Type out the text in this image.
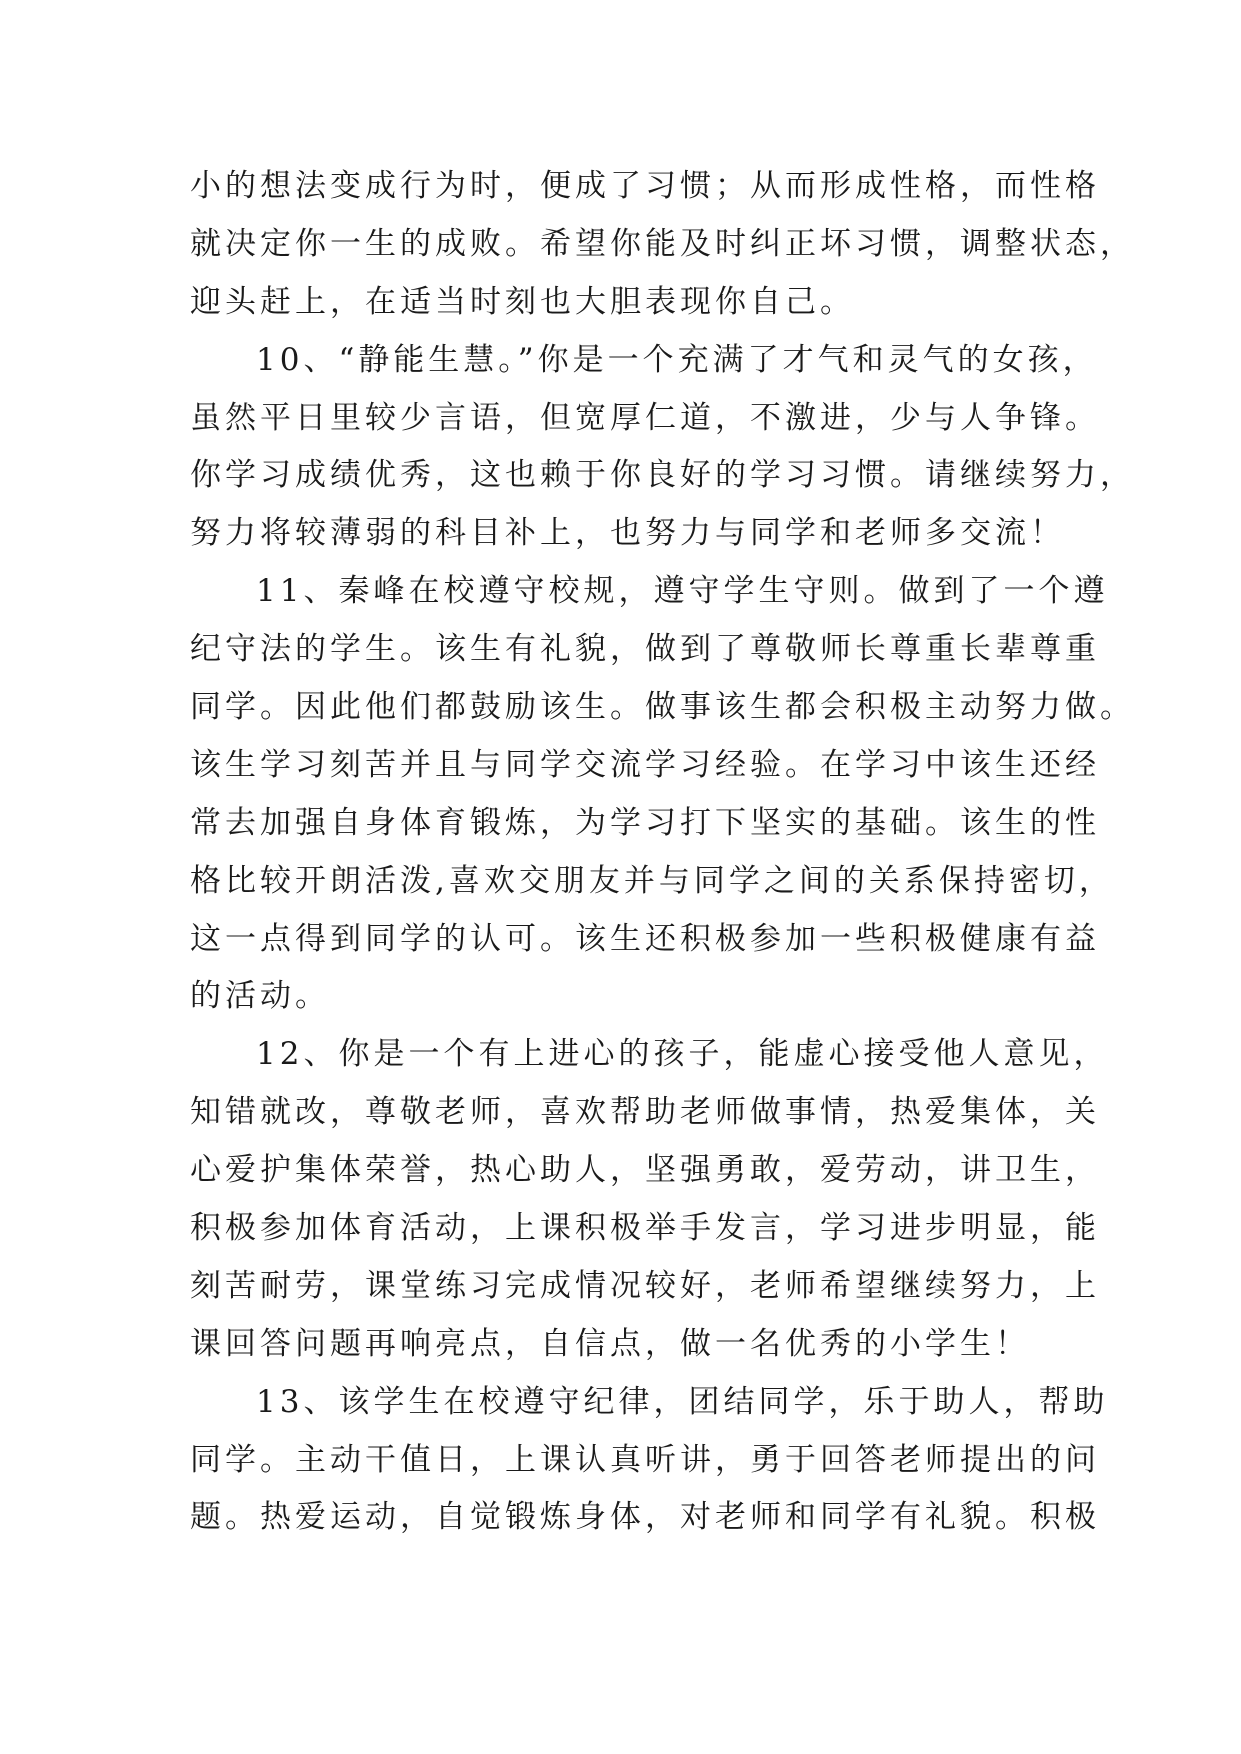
小的想法变成行为时，便成了习惯；从而形成性格，而性格
就决定你一生的成败。希望你能及时纠正坏习惯，调整状态，
迎头赶上，在适当时刻也大胆表现你自己。
10、“静能生慧。”你是一个充满了才气和灵气的女孩，
虽然平日里较少言语，但宽厚仁道，不激进，少与人争锋。
你学习成绩优秀，这也赖于你良好的学习习惯。请继续努力，
努力将较薄弱的科目补上，也努力与同学和老师多交流！
11、秦峰在校遵守校规，遵守学生守则。做到了一个遵
纪守法的学生。该生有礼貌，做到了尊敬师长尊重长辈尊重
同学。因此他们都鼓励该生。做事该生都会积极主动努力做。
该生学习刻苦并且与同学交流学习经验。在学习中该生还经
常去加强自身体育锻炼，为学习打下坚实的基础。该生的性
格比较开朗活泼,喜欢交朋友并与同学之间的关系保持密切，
这一点得到同学的认可。该生还积极参加一些积极健康有益
的活动。
12、你是一个有上进心的孩子，能虚心接受他人意见，
知错就改，尊敬老师，喜欢帮助老师做事情，热爱集体，关
心爱护集体荣誉，热心助人，坚强勇敢，爱劳动，讲卫生，
积极参加体育活动，上课积极举手发言，学习进步明显，能
刻苦耐劳，课堂练习完成情况较好，老师希望继续努力，上
课回答问题再响亮点，自信点，做一名优秀的小学生！
13、该学生在校遵守纪律，团结同学，乐于助人，帮助
同学。主动干值日，上课认真听讲，勇于回答老师提出的问
题。热爱运动，自觉锻炼身体，对老师和同学有礼貌。积极
